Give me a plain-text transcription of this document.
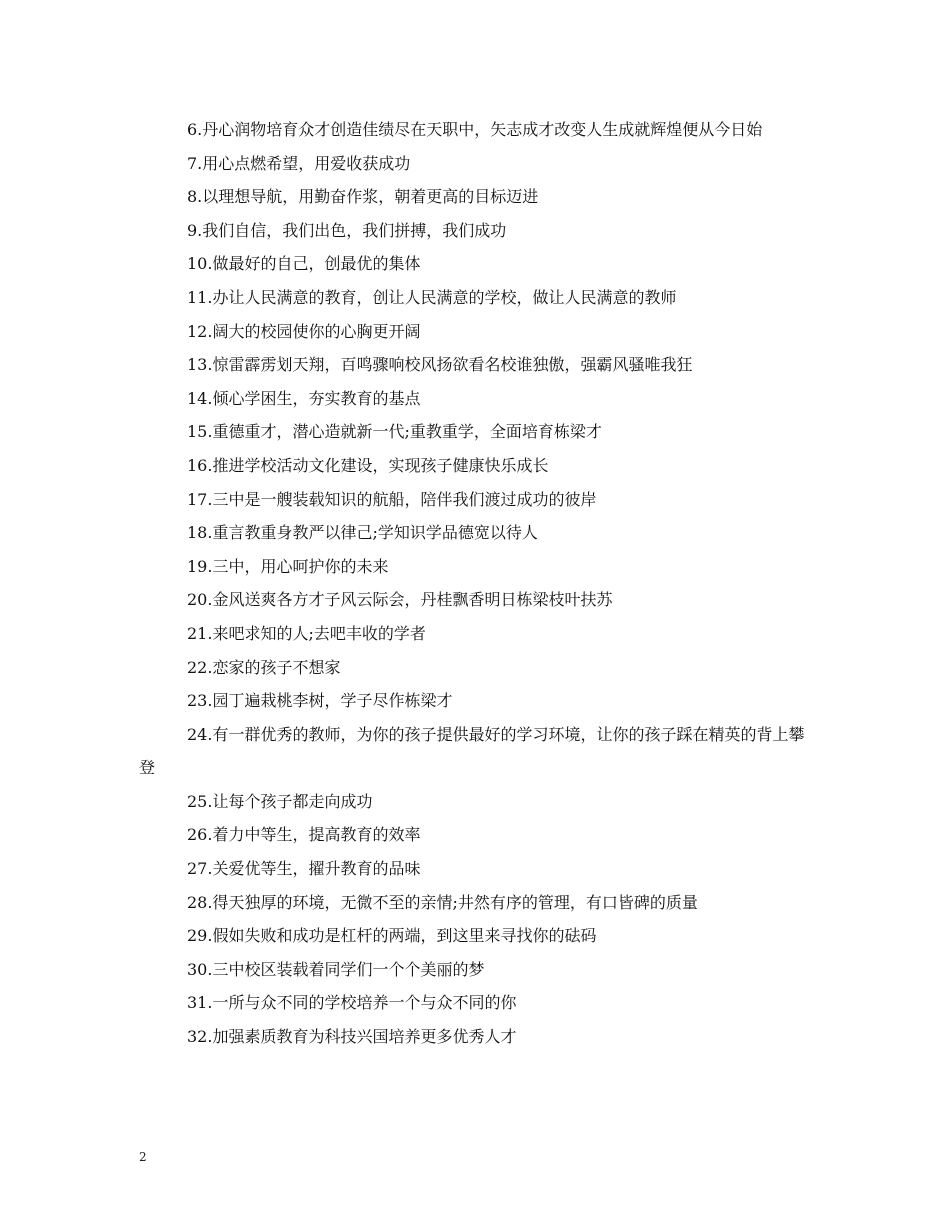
6.丹心润物培育众才创造佳绩尽在天职中，矢志成才改变人生成就辉煌便从今日始

7.用心点燃希望，用爱收获成功

8.以理想导航，用勤奋作浆，朝着更高的目标迈进

9.我们自信，我们出色，我们拼搏，我们成功

10.做最好的自己，创最优的集体

11.办让人民满意的教育，创让人民满意的学校，做让人民满意的教师

12.阔大的校园使你的心胸更开阔

13.惊雷霹雳划天翔，百鸣骤响校风扬欲看名校谁独傲，强霸风骚唯我狂

14.倾心学困生，夯实教育的基点

15.重德重才，潜心造就新一代;重教重学，全面培育栋梁才

16.推进学校活动文化建设，实现孩子健康快乐成长

17.三中是一艘装载知识的航船，陪伴我们渡过成功的彼岸

18.重言教重身教严以律己;学知识学品德宽以待人

19.三中，用心呵护你的未来

20.金风送爽各方才子风云际会，丹桂飘香明日栋梁枝叶扶苏

21.来吧求知的人;去吧丰收的学者

22.恋家的孩子不想家

23.园丁遍栽桃李树，学子尽作栋梁才

24.有一群优秀的教师，为你的孩子提供最好的学习环境，让你的孩子踩在精英的背上攀登

25.让每个孩子都走向成功

26.着力中等生，提高教育的效率

27.关爱优等生，擢升教育的品味

28.得天独厚的环境，无微不至的亲情;井然有序的管理，有口皆碑的质量

29.假如失败和成功是杠杆的两端，到这里来寻找你的砝码

30.三中校区装载着同学们一个个美丽的梦

31.一所与众不同的学校培养一个与众不同的你

32.加强素质教育为科技兴国培养更多优秀人才

2
